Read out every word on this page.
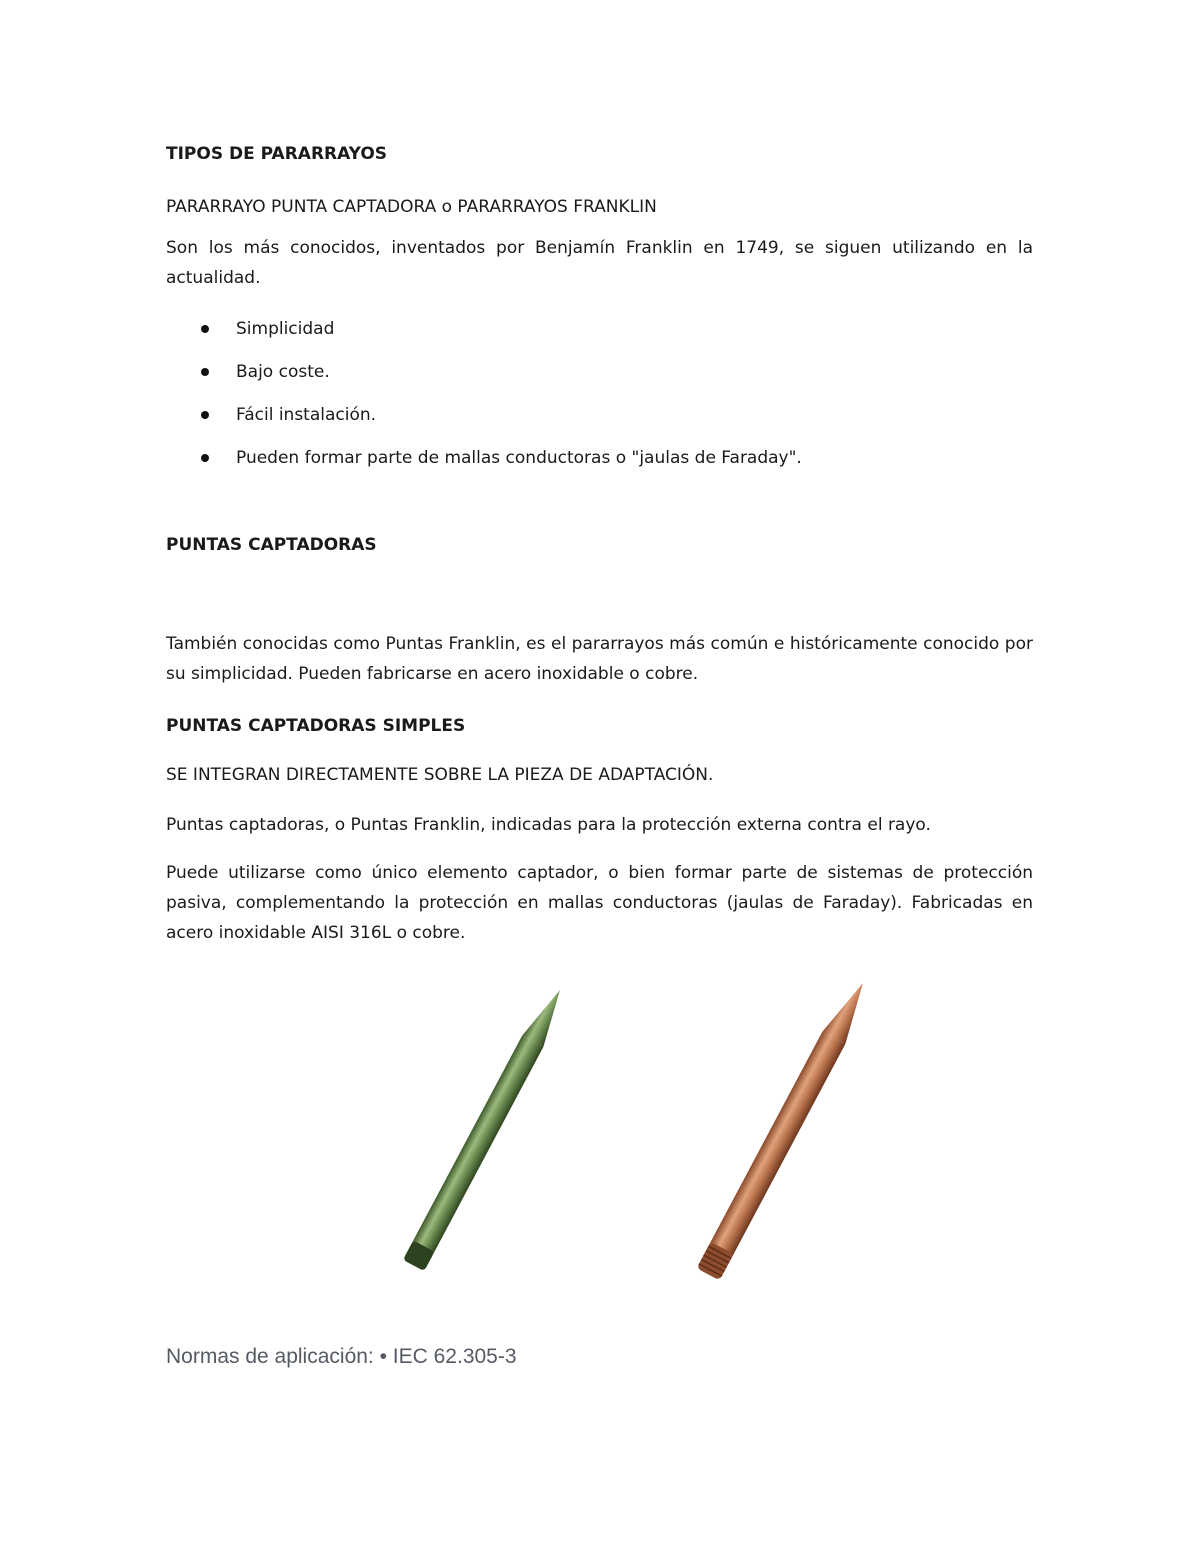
TIPOS DE PARARRAYOS

PARARRAYO PUNTA CAPTADORA o PARARRAYOS FRANKLIN

Son los más conocidos, inventados por Benjamín Franklin en 1749, se siguen utilizando en la actualidad.

Simplicidad
Bajo coste.
Fácil instalación.
Pueden formar parte de mallas conductoras o "jaulas de Faraday".

PUNTAS CAPTADORAS

También conocidas como Puntas Franklin, es el pararrayos más común e históricamente conocido por su simplicidad. Pueden fabricarse en acero inoxidable o cobre.

PUNTAS CAPTADORAS SIMPLES

SE INTEGRAN DIRECTAMENTE SOBRE LA PIEZA DE ADAPTACIÓN.

Puntas captadoras, o Puntas Franklin, indicadas para la protección externa contra el rayo.

Puede utilizarse como único elemento captador, o bien formar parte de sistemas de protección pasiva, complementando la protección en mallas conductoras (jaulas de Faraday). Fabricadas en acero inoxidable AISI 316L o cobre.

Normas de aplicación: • IEC 62.305-3
